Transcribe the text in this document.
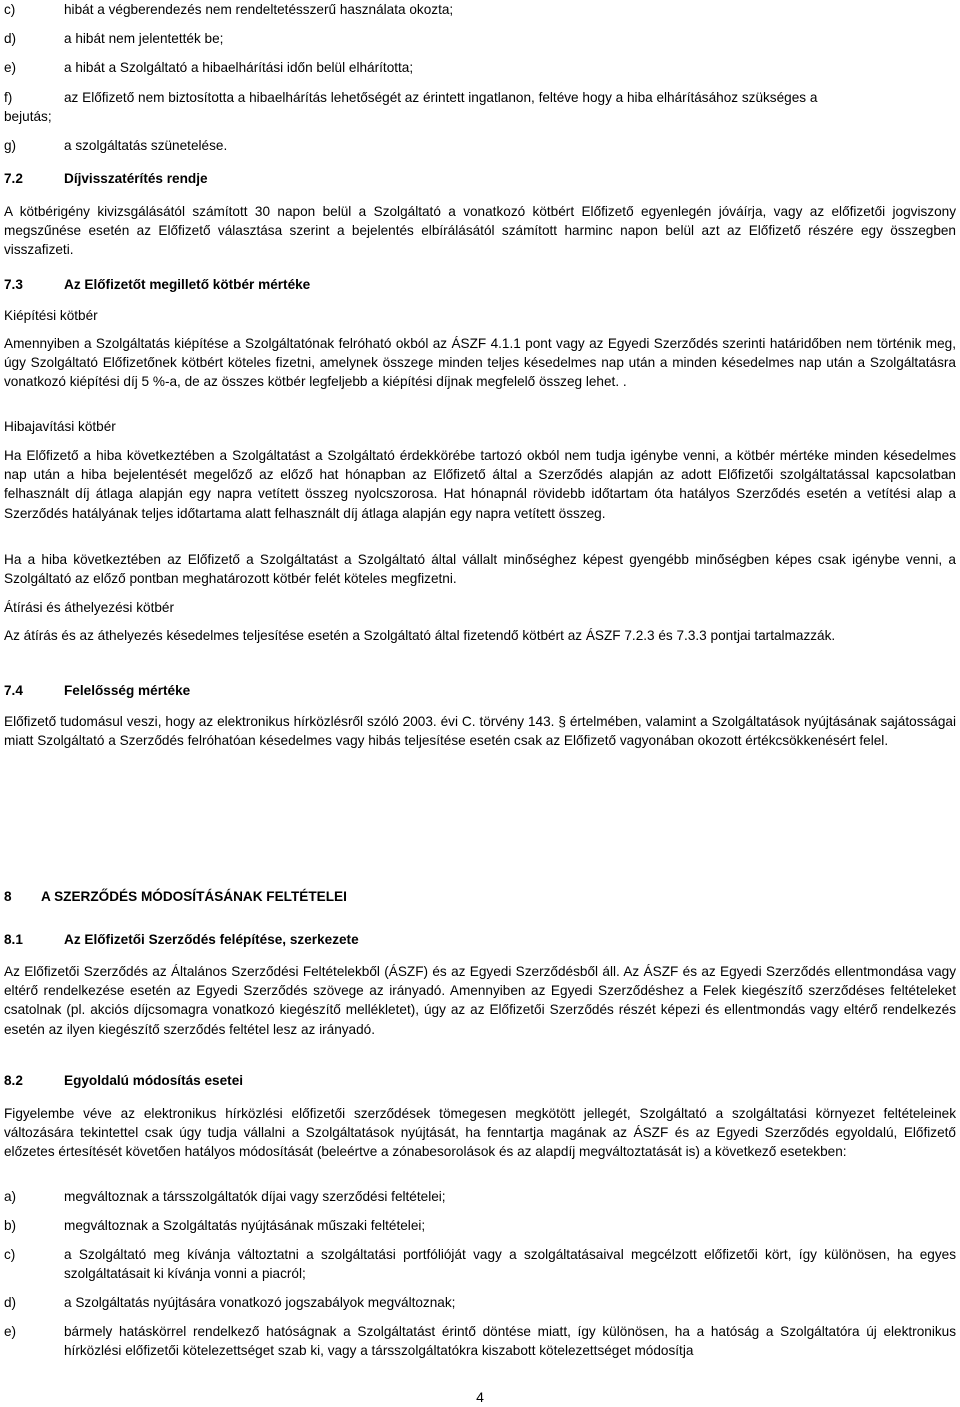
c)	hibát a végberendezés nem rendeltetésszerű használata okozta;
d)	a hibát nem jelentették be;
e)	a hibát a Szolgáltató a hibaelhárítási időn belül elhárította;
f)	az Előfizető nem biztosította a hibaelhárítás lehetőségét az érintett ingatlanon, feltéve hogy a hiba elhárításához szükséges a
bejutás;
g)	a szolgáltatás szünetelése.
7.2	Díjvisszatérítés rendje

A kötbérigény kivizsgálásától számított 30 napon belül a Szolgáltató a vonatkozó kötbért Előfizető egyenlegén jóváírja, vagy az előfizetői jogviszony megszűnése esetén az Előfizető választása szerint a bejelentés elbírálásától számított harminc napon belül azt az Előfizető részére egy összegben visszafizeti.

7.3	Az Előfizetőt megillető kötbér mértéke
Kiépítési kötbér

Amennyiben a Szolgáltatás kiépítése a Szolgáltatónak felróható okból az ÁSZF 4.1.1 pont vagy az Egyedi Szerződés szerinti határidőben nem történik meg, úgy Szolgáltató Előfizetőnek kötbért köteles fizetni, amelynek összege minden teljes késedelmes nap után a minden késedelmes nap után a Szolgáltatásra vonatkozó kiépítési díj 5 %-a, de az összes kötbér legfeljebb a kiépítési díjnak megfelelő összeg lehet. .

Hibajavítási kötbér

Ha Előfizető a hiba következtében a Szolgáltatást a Szolgáltató érdekkörébe tartozó okból nem tudja igénybe venni, a kötbér mértéke minden késedelmes nap után a hiba bejelentését megelőző az előző hat hónapban az Előfizető által a Szerződés alapján az adott Előfizetői szolgáltatással kapcsolatban felhasznált díj átlaga alapján egy napra vetített összeg nyolcszorosa. Hat hónapnál rövidebb időtartam óta hatályos Szerződés esetén a vetítési alap a Szerződés hatályának teljes időtartama alatt felhasznált díj átlaga alapján egy napra vetített összeg.

Ha a hiba következtében az Előfizető a Szolgáltatást a Szolgáltató által vállalt minőséghez képest gyengébb minőségben képes csak igénybe venni, a Szolgáltató az előző pontban meghatározott kötbér felét köteles megfizetni.

Átírási és áthelyezési kötbér

Az átírás és az áthelyezés késedelmes teljesítése esetén a Szolgáltató által fizetendő kötbért az ÁSZF 7.2.3 és 7.3.3 pontjai tartalmazzák.

7.4	Felelősség mértéke

Előfizető tudomásul veszi, hogy az elektronikus hírközlésről szóló 2003. évi C. törvény 143. § értelmében, valamint a Szolgáltatások nyújtásának sajátosságai miatt Szolgáltató a Szerződés felróhatóan késedelmes vagy hibás teljesítése esetén csak az Előfizető vagyonában okozott értékcsökkenésért felel.

8	A SZERZŐDÉS MÓDOSÍTÁSÁNAK FELTÉTELEI
8.1	Az Előfizetői Szerződés felépítése, szerkezete

Az Előfizetői Szerződés az Általános Szerződési Feltételekből (ÁSZF) és az Egyedi Szerződésből áll. Az ÁSZF és az Egyedi Szerződés ellentmondása vagy eltérő rendelkezése esetén az Egyedi Szerződés szövege az irányadó. Amennyiben az Egyedi Szerződéshez a Felek kiegészítő szerződéses feltételeket csatolnak (pl. akciós díjcsomagra vonatkozó kiegészítő mellékletet), úgy az az Előfizetői Szerződés részét képezi és ellentmondás vagy eltérő rendelkezés esetén az ilyen kiegészítő szerződés feltétel lesz az irányadó.

8.2	Egyoldalú módosítás esetei

Figyelembe véve az elektronikus hírközlési előfizetői szerződések tömegesen megkötött jellegét, Szolgáltató a szolgáltatási környezet feltételeinek változására tekintettel csak úgy tudja vállalni a Szolgáltatások nyújtását, ha fenntartja magának az ÁSZF és az Egyedi Szerződés egyoldalú, Előfizető előzetes értesítését követően hatályos módosítását (beleértve a zónabesorolások és az alapdíj megváltoztatását is) a következő esetekben:

a)	megváltoznak a társszolgáltatók díjai vagy szerződési feltételei;
b)	megváltoznak a Szolgáltatás nyújtásának műszaki feltételei;
c)	a Szolgáltató meg kívánja változtatni a szolgáltatási portfólióját vagy a szolgáltatásaival megcélzott előfizetői kört, így különösen, ha egyes szolgáltatásait ki kívánja vonni a piacról;
d)	a Szolgáltatás nyújtására vonatkozó jogszabályok megváltoznak;
e)	bármely hatáskörrel rendelkező hatóságnak a Szolgáltatást érintő döntése miatt, így különösen, ha a hatóság a Szolgáltatóra új elektronikus hírközlési előfizetői kötelezettséget szab ki, vagy a társszolgáltatókra kiszabott kötelezettséget módosítja
4
